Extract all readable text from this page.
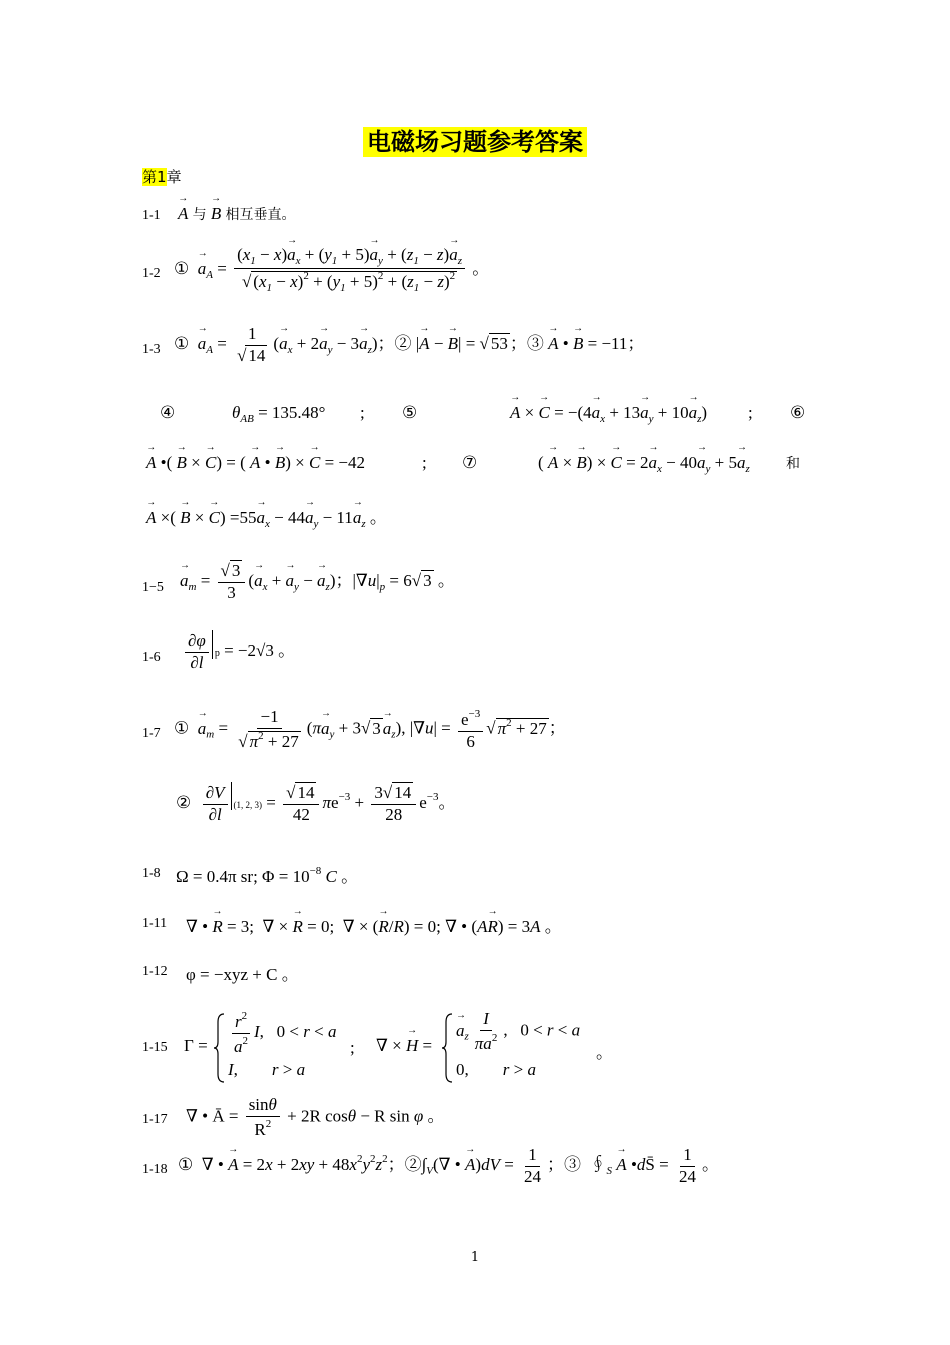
电磁场习题参考答案
第1章
1-1
→ A 与 → B 相互垂直。
1-2 ①  → $a_A = \frac{(x_1 - x)\to a_x + (y_1 + 5)\to a_y + (z_1 - z)\to a_z}{√ (x_1 - x)^2 + (y_1 + 5)^2 + (z_1 - z)^2}$ 。
1-3 ①  → $a_A = \frac{1}{√ 14}$ (→ $a_x + 2\to a_y - 3\to a_z$)；② |→ A − → B| = √ 53 ；③ → A • → B = −11；
④	$\theta_{AB} = 135.48^\circ$ ; ⑤
→	A × → $C = -(4\to a_x + 13\to a_y + 10\to a_z)$ ; ⑥
→ A •( → B × → C) = ( → A • → B) × → C = −42	; ⑦	( → A × → B) × → $C = 2\to a_x - 40\to a_y + 5\to a_z$	和
→ A ×( → B × → $C) =55\to a_x - 44\to a_y - 11\to a_z$ 。
1−5
→ $a_m = \frac{√ 3}{3}$ (→ $a_x$ + → $a_y$ − → $a_z$)；$|\nabla u|_p = 6√$ 3 。
$1-6 \frac{\partial\varphi}{\partial l}$ p = −2√3 。
1-7 ①  → $a_m = \frac{-1}{√ \pi^2 + 27} (\pi\to a_y + 3√$ $3\to a_z$), $|\nabla u| = \frac{e^{-3}}{6}$ √ $\pi^2 + 27$ ；
② $\frac{\partial V}{\partial l} (1$, 2, $3) = \frac{√ 14}{42} \pi e^{-3} + \frac{3√ 14}{28} e^{-3}$。
1-8 Ω = 0.4π sr; $\Phi = 10^{-8}$ C 。
1-11 ∇ • → R = 3;  ∇ × → R = 0;  ∇ × (→ R/R) = 0; ∇ • (A→ R) = 3A 。
1-12 φ = −xyz + C 。
1-15 $\Gamma = \frac{r^2}{a^2} I$,   0 < r < a
I,        r > a
; ∇ × → H =
→ $a_z \frac{I}{\pi a^2}$ ,   0 < r < a
0,        r > a
。
1-17 ∇ • Ā = $\frac{\sin\theta}{R^2} + 2R$ cosθ − R sin φ 。
1-18 ①  ∇ • → $A = 2x + 2xy + 48x^2y^2z^2$；$②\int_V(\nabla$ • → $A)dV = \frac{1}{24}$ ；③  $∮_S \to A$ •dS̄ = $\frac{1}{24}$ 。
1
